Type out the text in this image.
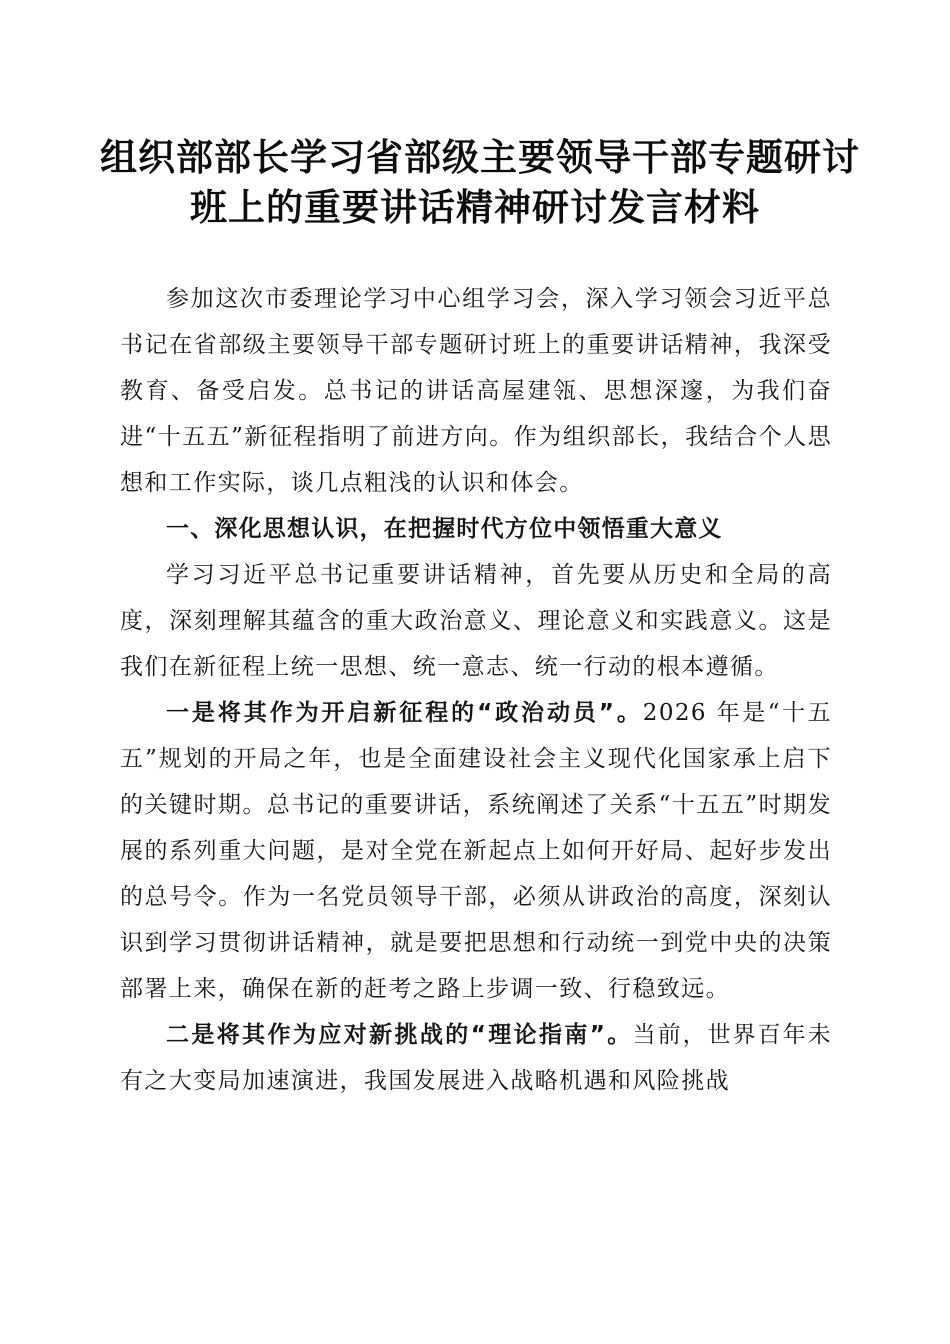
组织部部长学习省部级主要领导干部专题研讨
班上的重要讲话精神研讨发言材料

参加这次市委理论学习中心组学习会，深入学习领会习近平总书记在省部级主要领导干部专题研讨班上的重要讲话精神，我深受教育、备受启发。总书记的讲话高屋建瓴、思想深邃，为我们奋进“十五五”新征程指明了前进方向。作为组织部长，我结合个人思想和工作实际，谈几点粗浅的认识和体会。

一、深化思想认识，在把握时代方位中领悟重大意义

学习习近平总书记重要讲话精神，首先要从历史和全局的高度，深刻理解其蕴含的重大政治意义、理论意义和实践意义。这是我们在新征程上统一思想、统一意志、统一行动的根本遵循。

一是将其作为开启新征程的“政治动员”。2026 年是“十五五”规划的开局之年，也是全面建设社会主义现代化国家承上启下的关键时期。总书记的重要讲话，系统阐述了关系“十五五”时期发展的系列重大问题，是对全党在新起点上如何开好局、起好步发出的总号令。作为一名党员领导干部，必须从讲政治的高度，深刻认识到学习贯彻讲话精神，就是要把思想和行动统一到党中央的决策部署上来，确保在新的赶考之路上步调一致、行稳致远。

二是将其作为应对新挑战的“理论指南”。当前，世界百年未有之大变局加速演进，我国发展进入战略机遇和风险挑战
